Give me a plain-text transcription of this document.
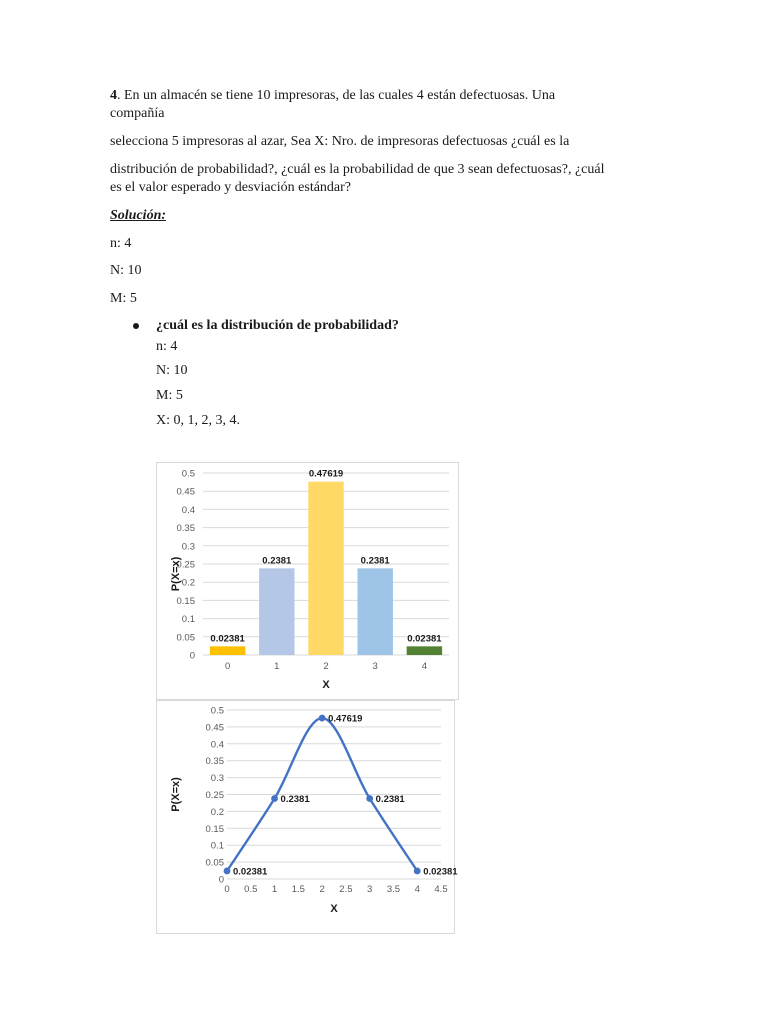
4. En un almacén se tiene 10 impresoras, de las cuales 4 están defectuosas. Una

compañía

selecciona 5 impresoras al azar, Sea X: Nro. de impresoras defectuosas ¿cuál es la

distribución de probabilidad?, ¿cuál es la probabilidad de que 3 sean defectuosas?, ¿cuál

es el valor esperado y desviación estándar?

Solución:

n: 4

N: 10

M: 5

¿cuál es la distribución de probabilidad?

n: 4

N: 10

M: 5

X: 0, 1, 2, 3, 4.

0
0.05
0.1
0.15
0.2
0.25
0.3
0.35
0.4
0.45
0.5
0.02381
0
0.2381
1
0.47619
2
0.2381
3
0.02381
4
X
P(X=x)
0
0.05
0.1
0.15
0.2
0.25
0.3
0.35
0.4
0.45
0.5
0 0.5 1 1.5 2 2.5 3 3.5 4 4.5
0.02381
0.2381
0.47619
0.2381
0.02381
X
P(X=x)
